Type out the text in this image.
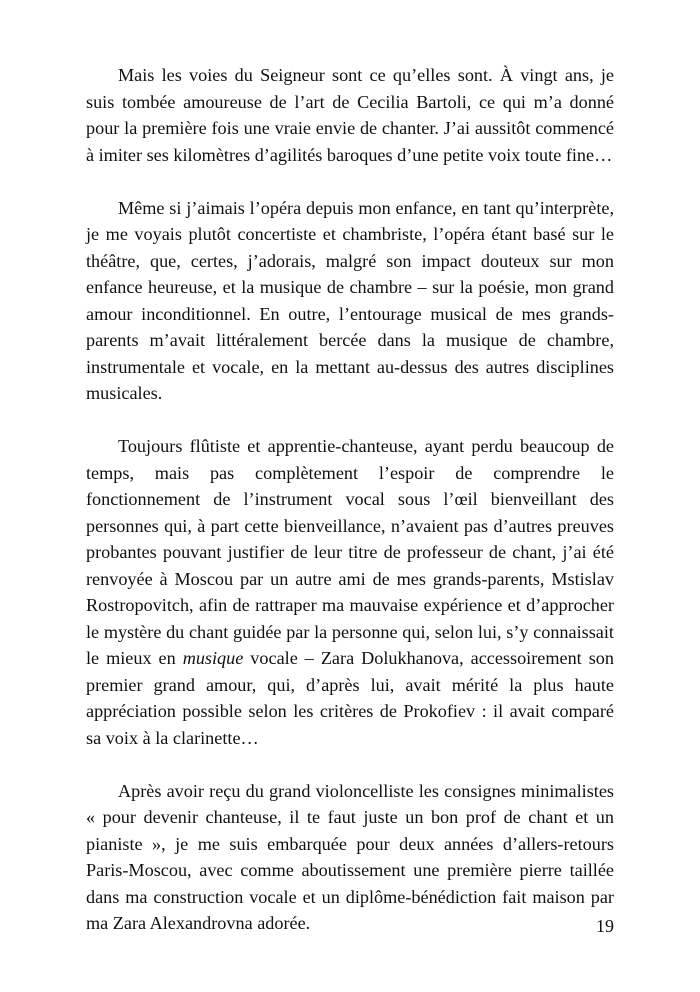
Mais les voies du Seigneur sont ce qu’elles sont. À vingt ans, je suis tombée amoureuse de l’art de Cecilia Bartoli, ce qui m’a donné pour la première fois une vraie envie de chanter. J’ai aussitôt commencé à imiter ses kilomètres d’agilités baroques d’une petite voix toute fine…

Même si j’aimais l’opéra depuis mon enfance, en tant qu’interprète, je me voyais plutôt concertiste et chambriste, l’opéra étant basé sur le théâtre, que, certes, j’adorais, malgré son impact douteux sur mon enfance heureuse, et la musique de chambre – sur la poésie, mon grand amour inconditionnel. En outre, l’entourage musical de mes grands-parents m’avait littéralement bercée dans la musique de chambre, instrumentale et vocale, en la mettant au-dessus des autres disciplines musicales.

Toujours flûtiste et apprentie-chanteuse, ayant perdu beaucoup de temps, mais pas complètement l’espoir de comprendre le fonctionnement de l’instrument vocal sous l’œil bienveillant des personnes qui, à part cette bienveillance, n’avaient pas d’autres preuves probantes pouvant justifier de leur titre de professeur de chant, j’ai été renvoyée à Moscou par un autre ami de mes grands-parents, Mstislav Rostropovitch, afin de rattraper ma mauvaise expérience et d’approcher le mystère du chant guidée par la personne qui, selon lui, s’y connaissait le mieux en musique vocale – Zara Dolukhanova, accessoirement son premier grand amour, qui, d’après lui, avait mérité la plus haute appréciation possible selon les critères de Prokofiev : il avait comparé sa voix à la clarinette…

Après avoir reçu du grand violoncelliste les consignes minimalistes « pour devenir chanteuse, il te faut juste un bon prof de chant et un pianiste », je me suis embarquée pour deux années d’allers-retours Paris-Moscou, avec comme aboutissement une première pierre taillée dans ma construction vocale et un diplôme-bénédiction fait maison par ma Zara Alexandrovna adorée.	19
